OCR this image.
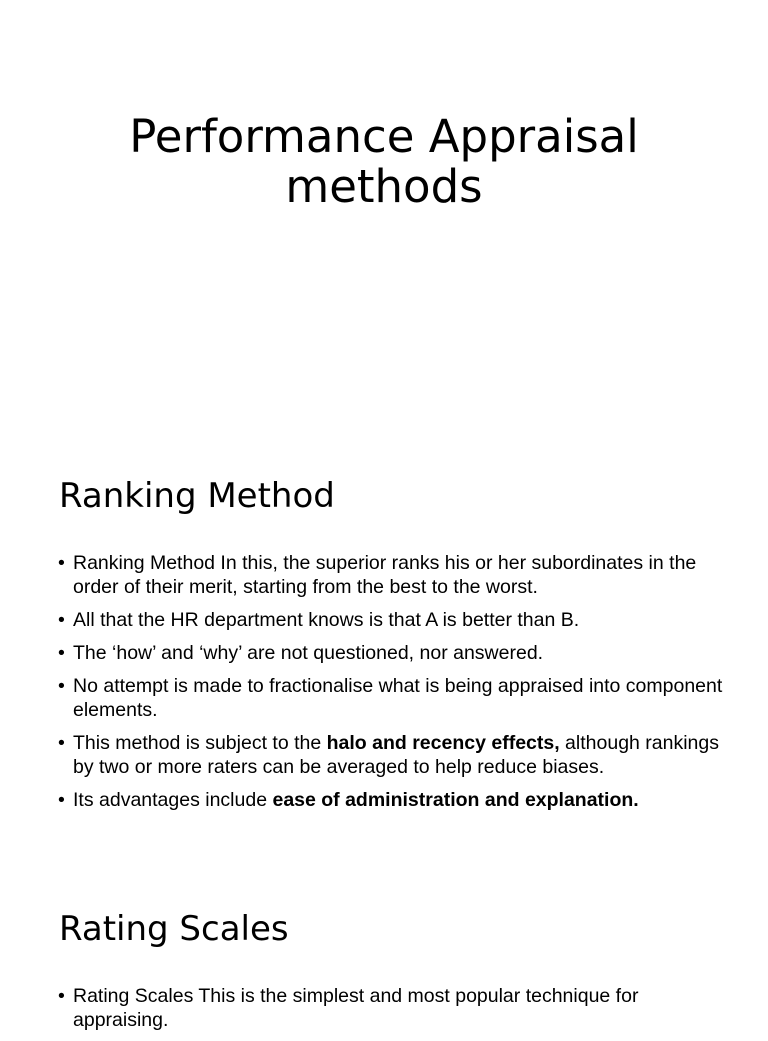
Performance Appraisal
methods
Ranking Method
• Ranking Method In this, the superior ranks his or her subordinates in the order of their merit, starting from the best to the worst.
• All that the HR department knows is that A is better than B.
• The ‘how’ and ‘why’ are not questioned, nor answered.
• No attempt is made to fractionalise what is being appraised into component elements.
• This method is subject to the halo and recency effects, although rankings by two or more raters can be averaged to help reduce biases.
• Its advantages include ease of administration and explanation.
Rating Scales
• Rating Scales This is the simplest and most popular technique for appraising.
